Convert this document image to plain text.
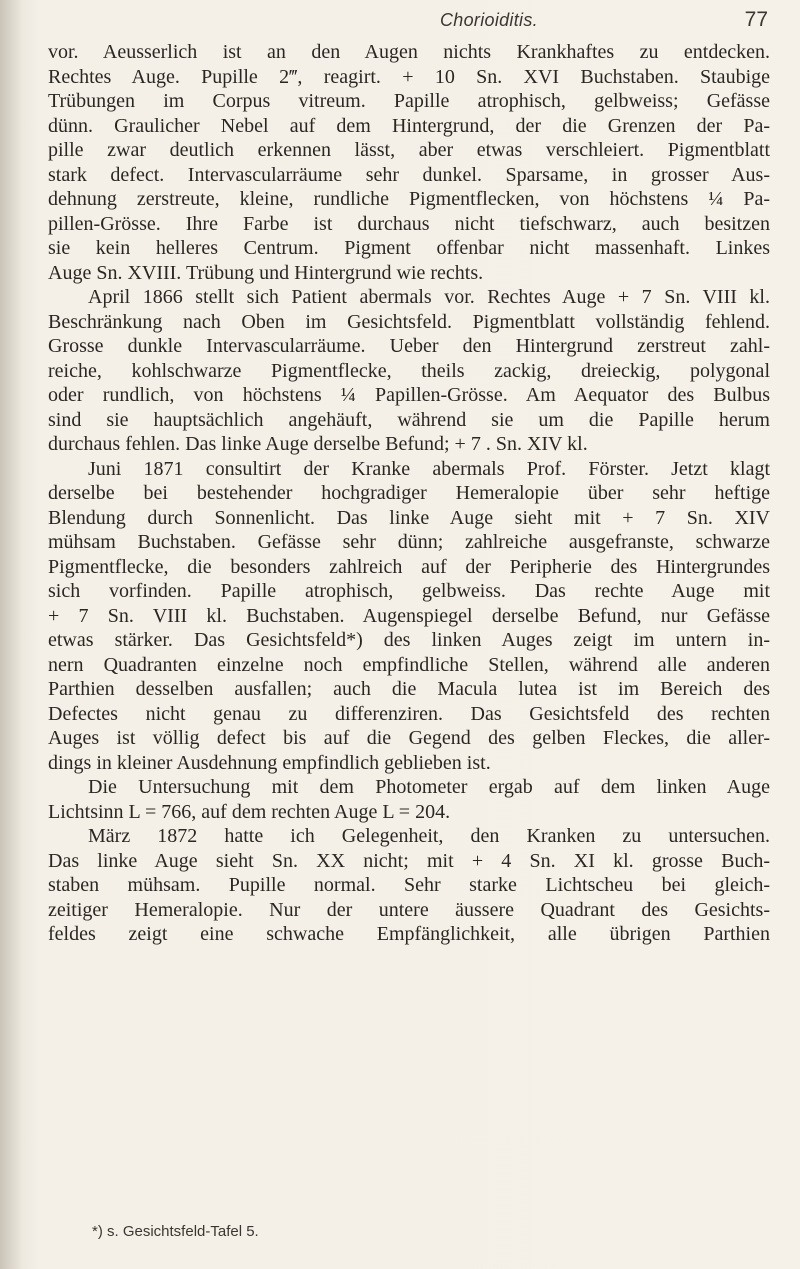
Chorioiditis.	77
vor. Aeusserlich ist an den Augen nichts Krankhaftes zu entdecken.
Rechtes Auge. Pupille 2‴, reagirt. + 10 Sn. XVI Buchstaben. Staubige
Trübungen im Corpus vitreum. Papille atrophisch, gelbweiss; Gefässe
dünn. Graulicher Nebel auf dem Hintergrund, der die Grenzen der Pa-
pille zwar deutlich erkennen lässt, aber etwas verschleiert. Pigmentblatt
stark defect. Intervascularräume sehr dunkel. Sparsame, in grosser Aus-
dehnung zerstreute, kleine, rundliche Pigmentflecken, von höchstens ¼ Pa-
pillen-Grösse. Ihre Farbe ist durchaus nicht tiefschwarz, auch besitzen
sie kein helleres Centrum. Pigment offenbar nicht massenhaft. Linkes
Auge Sn. XVIII. Trübung und Hintergrund wie rechts.
April 1866 stellt sich Patient abermals vor. Rechtes Auge + 7 Sn. VIII kl.
Beschränkung nach Oben im Gesichtsfeld. Pigmentblatt vollständig fehlend.
Grosse dunkle Intervascularräume. Ueber den Hintergrund zerstreut zahl-
reiche, kohlschwarze Pigmentflecke, theils zackig, dreieckig, polygonal
oder rundlich, von höchstens ¼ Papillen-Grösse. Am Aequator des Bulbus
sind sie hauptsächlich angehäuft, während sie um die Papille herum
durchaus fehlen. Das linke Auge derselbe Befund; + 7 . Sn. XIV kl.
Juni 1871 consultirt der Kranke abermals Prof. Förster. Jetzt klagt
derselbe bei bestehender hochgradiger Hemeralopie über sehr heftige
Blendung durch Sonnenlicht. Das linke Auge sieht mit + 7 Sn. XIV
mühsam Buchstaben. Gefässe sehr dünn; zahlreiche ausgefranste, schwarze
Pigmentflecke, die besonders zahlreich auf der Peripherie des Hintergrundes
sich vorfinden. Papille atrophisch, gelbweiss. Das rechte Auge mit
+ 7 Sn. VIII kl. Buchstaben. Augenspiegel derselbe Befund, nur Gefässe
etwas stärker. Das Gesichtsfeld*) des linken Auges zeigt im untern in-
nern Quadranten einzelne noch empfindliche Stellen, während alle anderen
Parthien desselben ausfallen; auch die Macula lutea ist im Bereich des
Defectes nicht genau zu differenziren. Das Gesichtsfeld des rechten
Auges ist völlig defect bis auf die Gegend des gelben Fleckes, die aller-
dings in kleiner Ausdehnung empfindlich geblieben ist.
Die Untersuchung mit dem Photometer ergab auf dem linken Auge
Lichtsinn L = 766, auf dem rechten Auge L = 204.
März 1872 hatte ich Gelegenheit, den Kranken zu untersuchen.
Das linke Auge sieht Sn. XX nicht; mit + 4 Sn. XI kl. grosse Buch-
staben mühsam. Pupille normal. Sehr starke Lichtscheu bei gleich-
zeitiger Hemeralopie. Nur der untere äussere Quadrant des Gesichts-
feldes zeigt eine schwache Empfänglichkeit, alle übrigen Parthien
*) s. Gesichtsfeld-Tafel 5.
